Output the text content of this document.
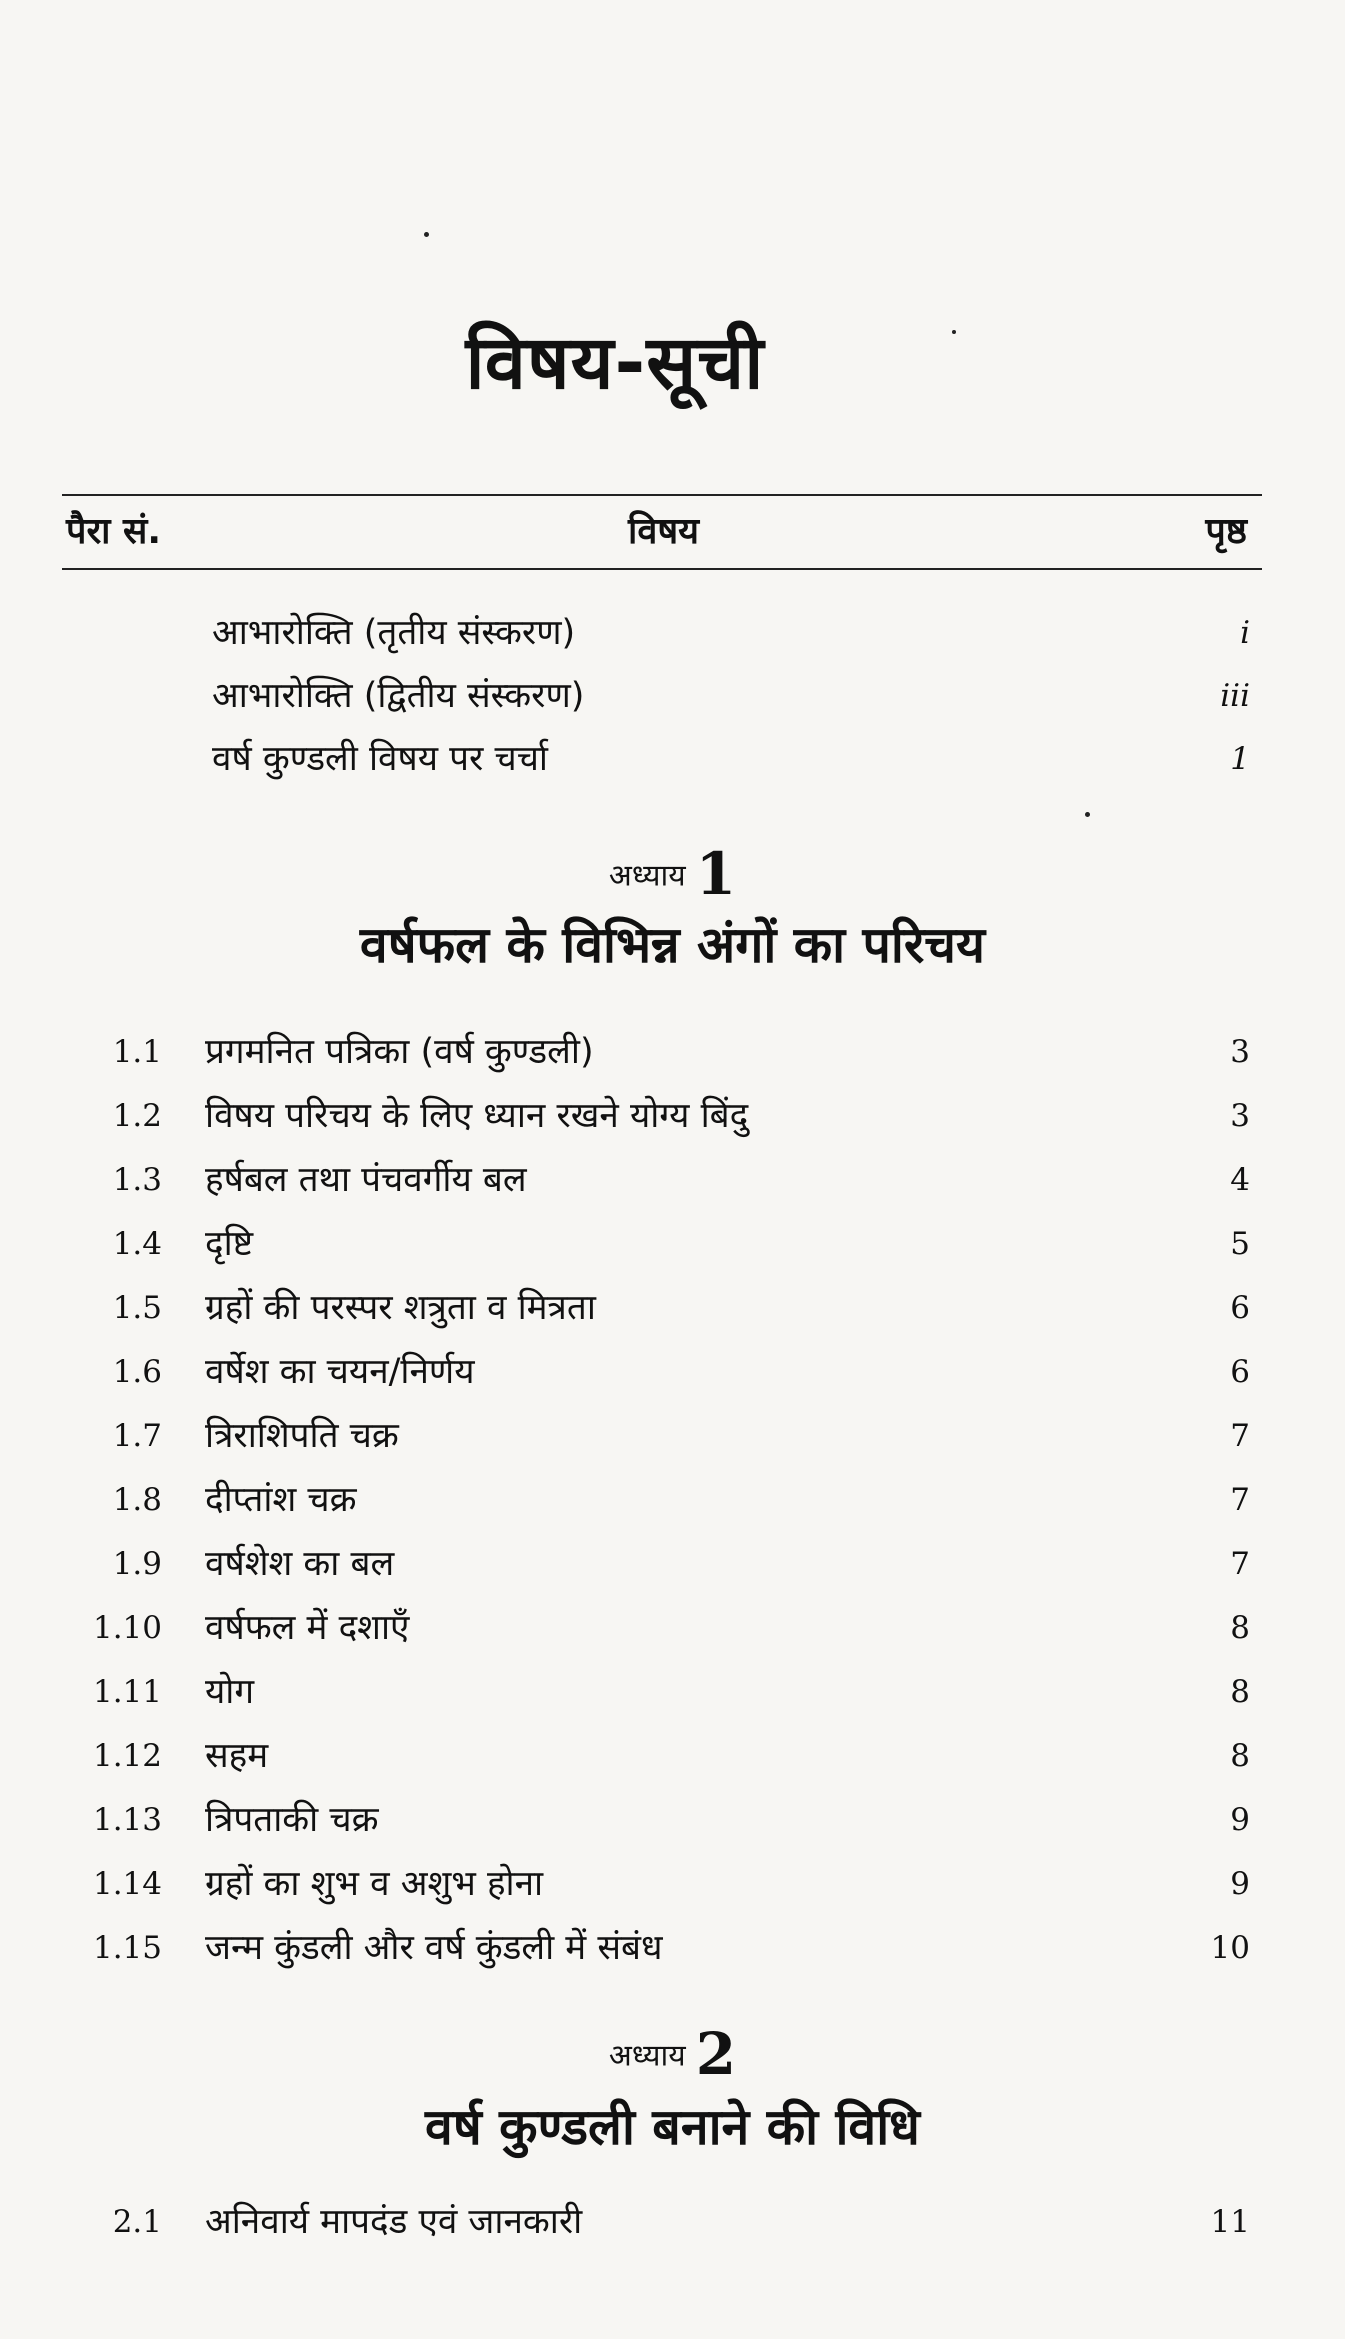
विषय-सूची
पैरा सं.	विषय	पृष्ठ
आभारोक्ति (तृतीय संस्करण)	i
आभारोक्ति (द्वितीय संस्करण)	iii
वर्ष कुण्डली विषय पर चर्चा	1
अध्याय 1
वर्षफल के विभिन्न अंगों का परिचय
1.1 प्रगमनित पत्रिका (वर्ष कुण्डली)	3
1.2 विषय परिचय के लिए ध्यान रखने योग्य बिंदु	3
1.3 हर्षबल तथा पंचवर्गीय बल	4
1.4 दृष्टि	5
1.5 ग्रहों की परस्पर शत्रुता व मित्रता	6
1.6 वर्षेश का चयन/निर्णय	6
1.7 त्रिराशिपति चक्र	7
1.8 दीप्तांश चक्र	7
1.9 वर्षशेश का बल	7
1.10 वर्षफल में दशाएँ	8
1.11 योग	8
1.12 सहम	8
1.13 त्रिपताकी चक्र	9
1.14 ग्रहों का शुभ व अशुभ होना	9
1.15 जन्म कुंडली और वर्ष कुंडली में संबंध	10
अध्याय 2
वर्ष कुण्डली बनाने की विधि
2.1 अनिवार्य मापदंड एवं जानकारी	11
